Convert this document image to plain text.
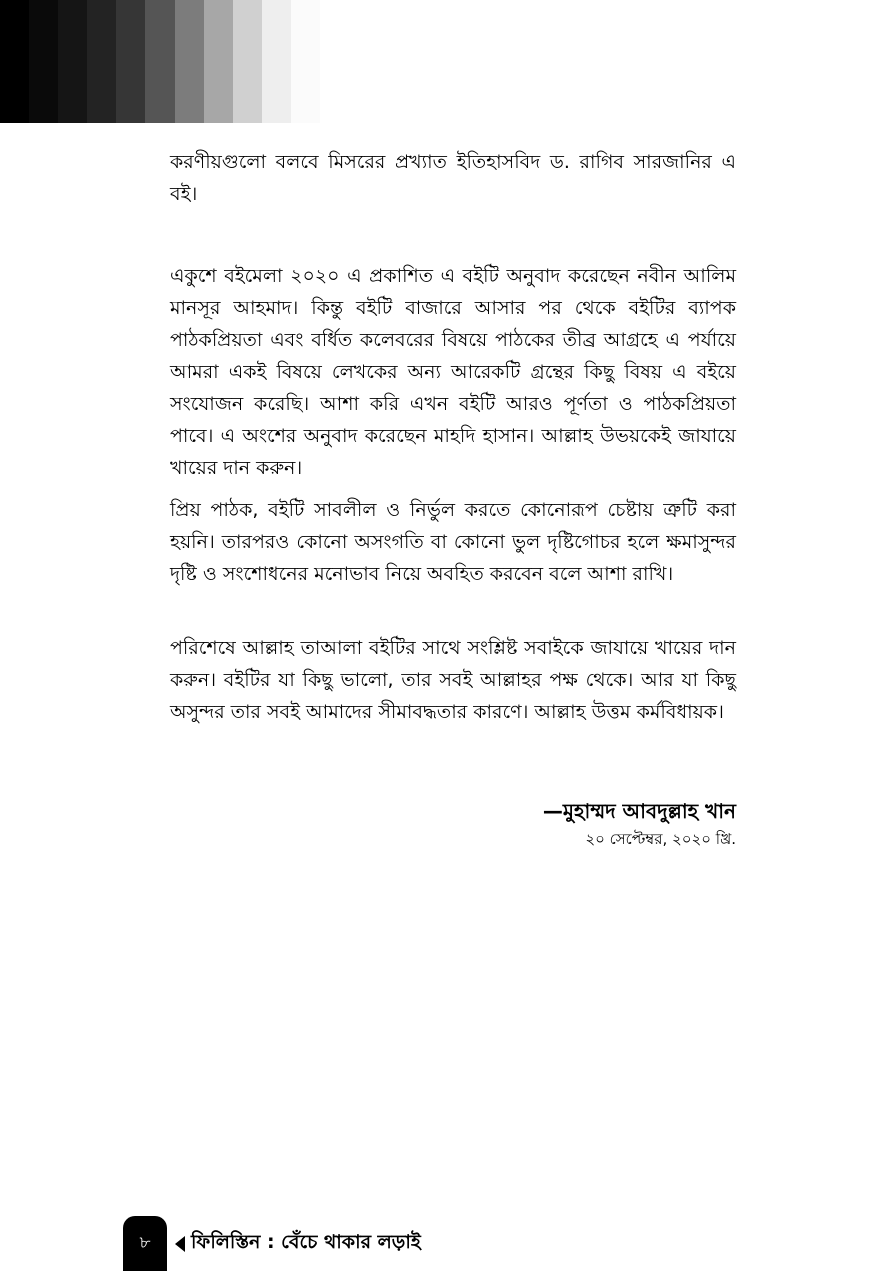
করণীয়গুলো বলবে মিসরের প্রখ্যাত ইতিহাসবিদ ড. রাগিব সারজানির এ বই।

একুশে বইমেলা ২০২০ এ প্রকাশিত এ বইটি অনুবাদ করেছেন নবীন আলিম মানসূর আহমাদ। কিন্তু বইটি বাজারে আসার পর থেকে বইটির ব্যাপক পাঠকপ্রিয়তা এবং বর্ধিত কলেবরের বিষয়ে পাঠকের তীব্র আগ্রহে এ পর্যায়ে আমরা একই বিষয়ে লেখকের অন্য আরেকটি গ্রন্থের কিছু বিষয় এ বইয়ে সংযোজন করেছি। আশা করি এখন বইটি আরও পূর্ণতা ও পাঠকপ্রিয়তা পাবে। এ অংশের অনুবাদ করেছেন মাহদি হাসান। আল্লাহ উভয়কেই জাযায়ে খায়ের দান করুন।

প্রিয় পাঠক, বইটি সাবলীল ও নির্ভুল করতে কোনোরূপ চেষ্টায় ত্রুটি করা হয়নি। তারপরও কোনো অসংগতি বা কোনো ভুল দৃষ্টিগোচর হলে ক্ষমাসুন্দর দৃষ্টি ও সংশোধনের মনোভাব নিয়ে অবহিত করবেন বলে আশা রাখি।

পরিশেষে আল্লাহ তাআলা বইটির সাথে সংশ্লিষ্ট সবাইকে জাযায়ে খায়ের দান করুন। বইটির যা কিছু ভালো, তার সবই আল্লাহর পক্ষ থেকে। আর যা কিছু অসুন্দর তার সবই আমাদের সীমাবদ্ধতার কারণে। আল্লাহ উত্তম কর্মবিধায়ক।

—মুহাম্মদ আবদুল্লাহ খান
২০ সেপ্টেম্বর, ২০২০ খ্রি.
৮	ফিলিস্তিন : বেঁচে থাকার লড়াই
